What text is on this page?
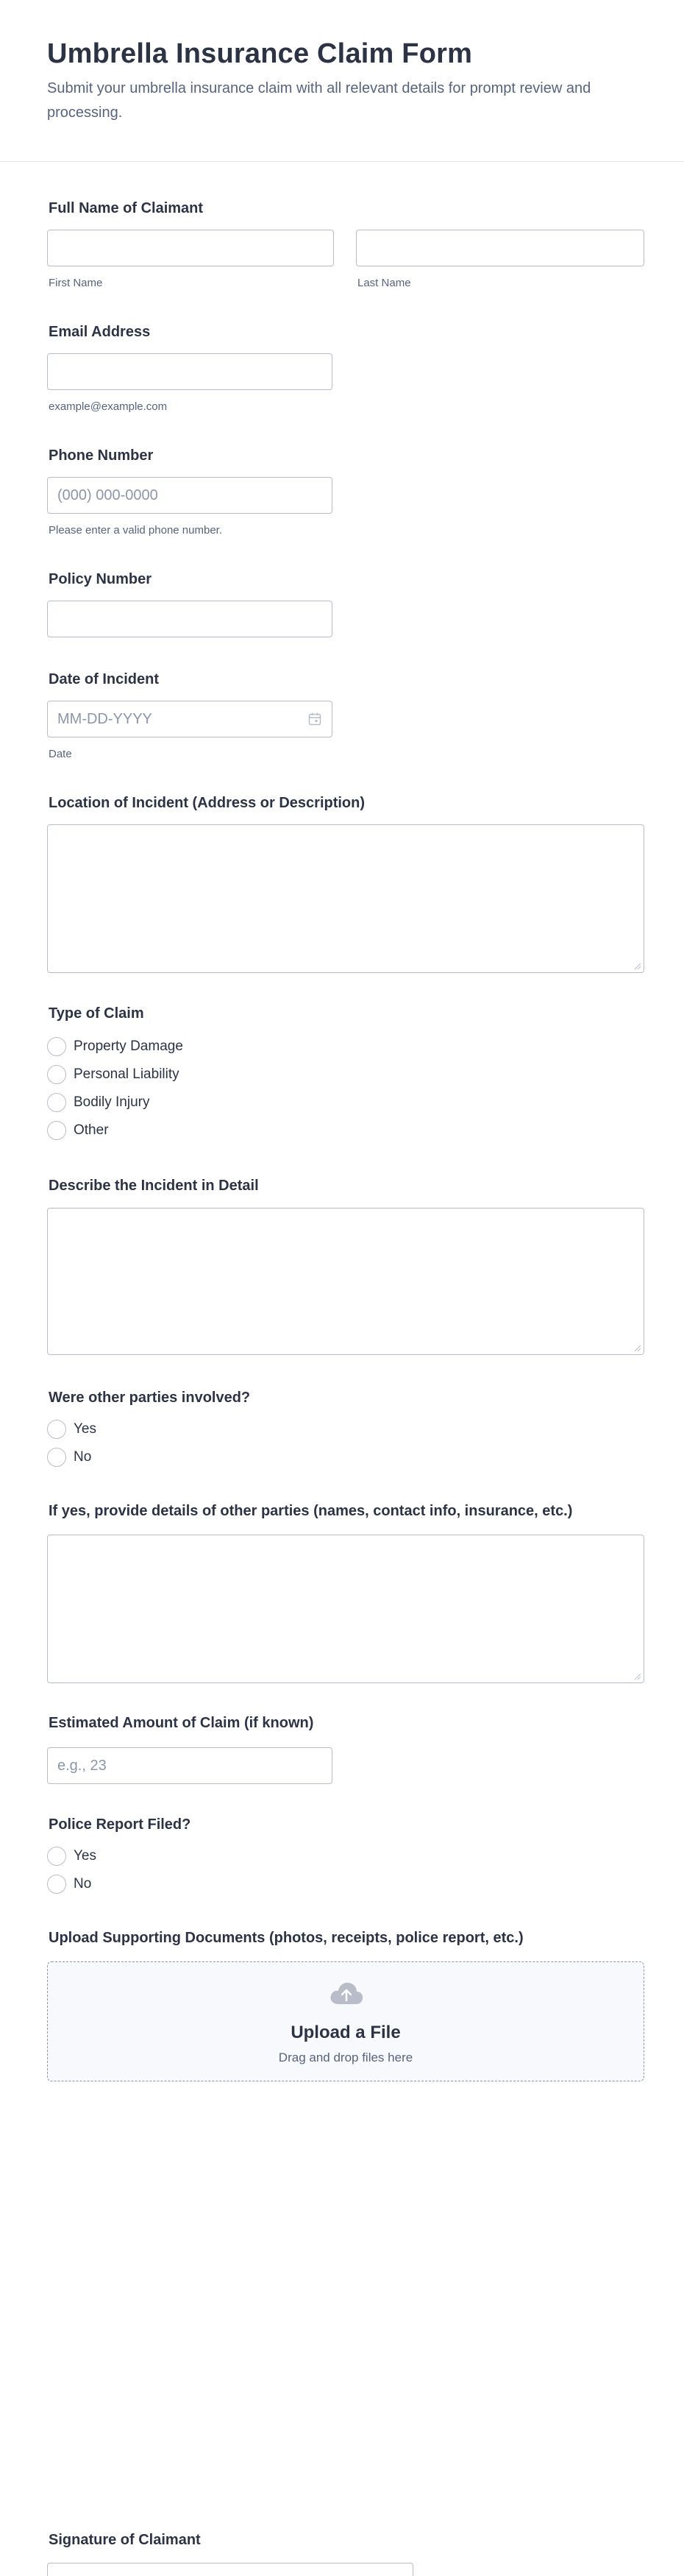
Umbrella Insurance Claim Form

Submit your umbrella insurance claim with all relevant details for prompt review and processing.

Full Name of Claimant
First Name	Last Name
Email Address
example@example.com
Phone Number
(000) 000-0000
Please enter a valid phone number.
Policy Number
Date of Incident
MM-DD-YYYY
Date
Location of Incident (Address or Description)
Type of Claim
Property Damage
Personal Liability
Bodily Injury
Other
Describe the Incident in Detail
Were other parties involved?
Yes
No
If yes, provide details of other parties (names, contact info, insurance, etc.)
Estimated Amount of Claim (if known)
e.g., 23
Police Report Filed?
Yes
No
Upload Supporting Documents (photos, receipts, police report, etc.)
Upload a File
Drag and drop files here
Signature of Claimant
